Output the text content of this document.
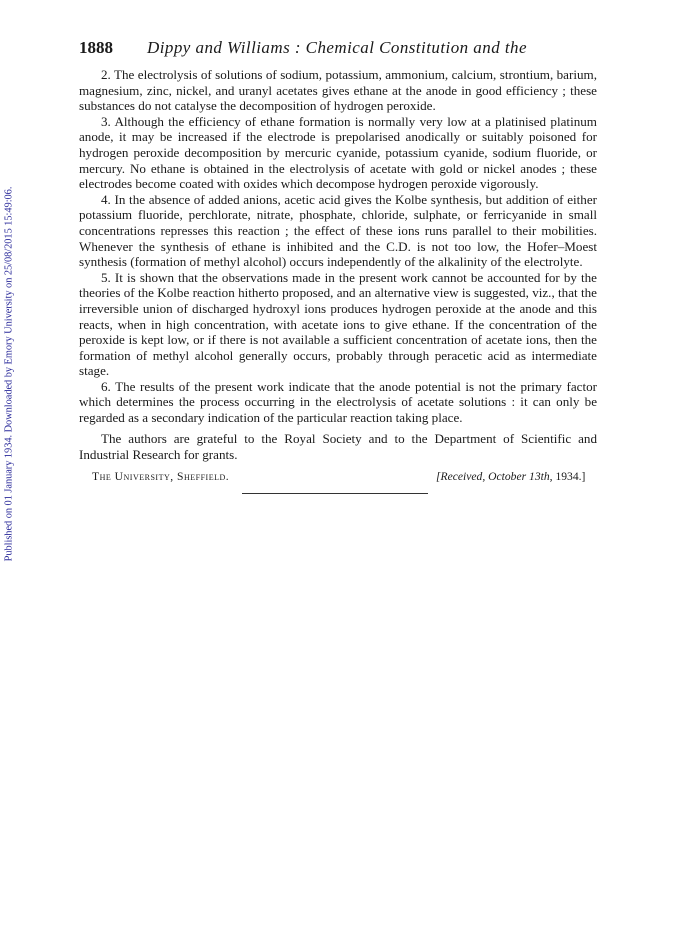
Published on 01 January 1934. Downloaded by Emory University on 25/08/2015 15:49:06.
1888 Dippy and Williams : Chemical Constitution and the

2. The electrolysis of solutions of sodium, potassium, ammonium, calcium, strontium, barium, magnesium, zinc, nickel, and uranyl acetates gives ethane at the anode in good efficiency ; these substances do not catalyse the decomposition of hydrogen peroxide.

3. Although the efficiency of ethane formation is normally very low at a platinised platinum anode, it may be increased if the electrode is prepolarised anodically or suitably poisoned for hydrogen peroxide decomposition by mercuric cyanide, potassium cyanide, sodium fluoride, or mercury. No ethane is obtained in the electrolysis of acetate with gold or nickel anodes ; these electrodes become coated with oxides which decompose hydrogen peroxide vigorously.

4. In the absence of added anions, acetic acid gives the Kolbe synthesis, but addition of either potassium fluoride, perchlorate, nitrate, phosphate, chloride, sulphate, or ferricyanide in small concentrations represses this reaction ; the effect of these ions runs parallel to their mobilities. Whenever the synthesis of ethane is inhibited and the C.D. is not too low, the Hofer–Moest synthesis (formation of methyl alcohol) occurs independently of the alkalinity of the electrolyte.

5. It is shown that the observations made in the present work cannot be accounted for by the theories of the Kolbe reaction hitherto proposed, and an alternative view is suggested, viz., that the irreversible union of discharged hydroxyl ions produces hydrogen peroxide at the anode and this reacts, when in high concentration, with acetate ions to give ethane. If the concentration of the peroxide is kept low, or if there is not available a sufficient concentration of acetate ions, then the formation of methyl alcohol generally occurs, probably through peracetic acid as intermediate stage.

6. The results of the present work indicate that the anode potential is not the primary factor which determines the process occurring in the electrolysis of acetate solutions : it can only be regarded as a secondary indication of the particular reaction taking place.

The authors are grateful to the Royal Society and to the Department of Scientific and Industrial Research for grants.

The University, Sheffield.	[Received, October 13th, 1934.]
